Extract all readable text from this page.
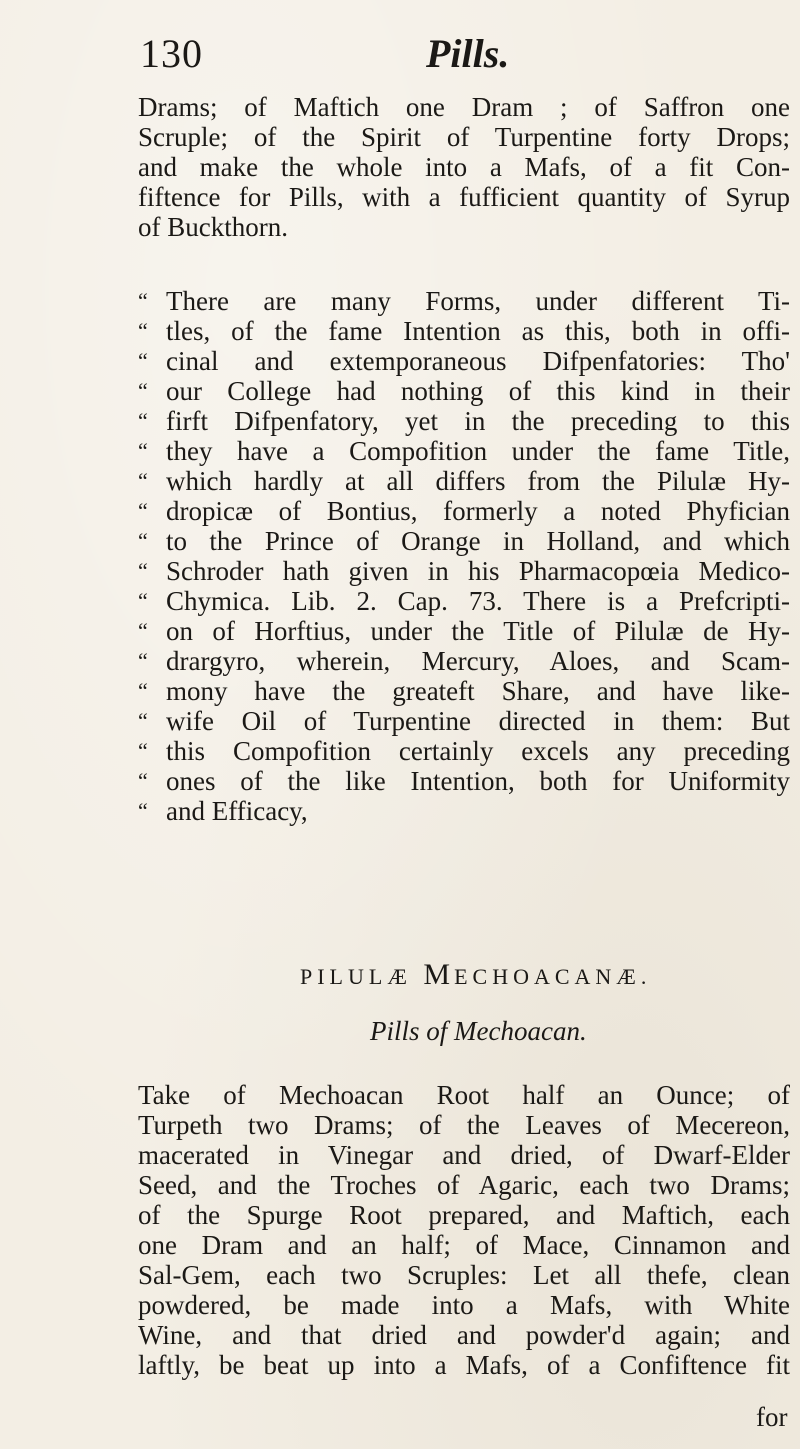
130	Pills.
Drams; of Maftich one Dram ; of Saffron one
Scruple; of the Spirit of Turpentine forty Drops;
and make the whole into a Mafs, of a fit Con-
fiftence for Pills, with a fufficient quantity of Syrup
of Buckthorn.
“ There are many Forms, under different Ti-
“ tles, of the fame Intention as this, both in offi-
“ cinal and extemporaneous Difpenfatories: Tho'
“ our College had nothing of this kind in their
“ firft Difpenfatory, yet in the preceding to this
“ they have a Compofition under the fame Title,
“ which hardly at all differs from the Pilulæ Hy-
“ dropicæ of Bontius, formerly a noted Phyfician
“ to the Prince of Orange in Holland, and which
“ Schroder hath given in his Pharmacopœia Medico-
“ Chymica. Lib. 2. Cap. 73. There is a Prefcripti-
“ on of Horftius, under the Title of Pilulæ de Hy-
“ drargyro, wherein, Mercury, Aloes, and Scam-
“ mony have the greateft Share, and have like-
“ wife Oil of Turpentine directed in them: But
“ this Compofition certainly excels any preceding
“ ones of the like Intention, both for Uniformity
“ and Efficacy,
PILULÆ MECHOACANÆ.
Pills of Mechoacan.
Take of Mechoacan Root half an Ounce; of
Turpeth two Drams; of the Leaves of Mecereon,
macerated in Vinegar and dried, of Dwarf-Elder
Seed, and the Troches of Agaric, each two Drams;
of the Spurge Root prepared, and Maftich, each
one Dram and an half; of Mace, Cinnamon and
Sal-Gem, each two Scruples: Let all thefe, clean
powdered, be made into a Mafs, with White
Wine, and that dried and powder'd again; and
laftly, be beat up into a Mafs, of a Confiftence fit
for
